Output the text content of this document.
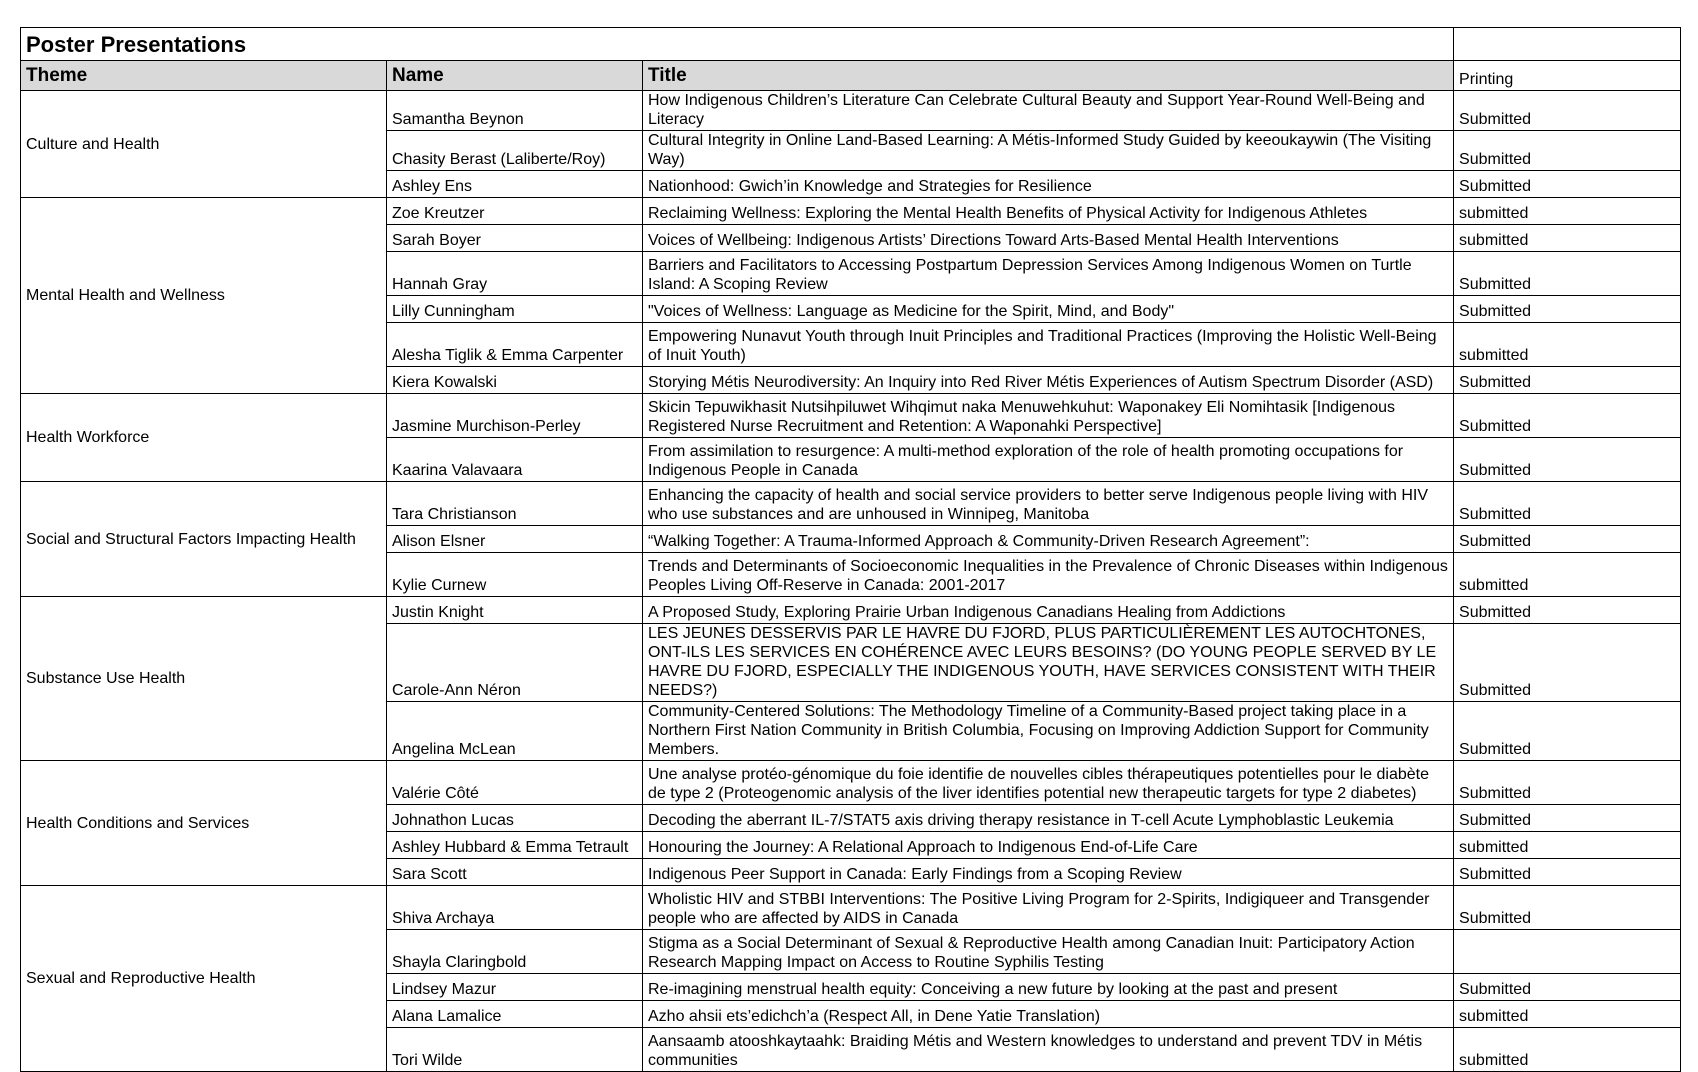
Poster Presentations			
Theme	Name	Title	Printing
Culture and Health	Samantha Beynon	How Indigenous Children’s Literature Can Celebrate Cultural Beauty and Support Year-Round Well-Being and Literacy	Submitted
	Chasity Berast (Laliberte/Roy)	Cultural Integrity in Online Land-Based Learning: A Métis-Informed Study Guided by keeoukaywin (The Visiting Way)	Submitted
	Ashley Ens	Nationhood: Gwich’in Knowledge and Strategies for Resilience	Submitted
Mental Health and Wellness	Zoe Kreutzer	Reclaiming Wellness: Exploring the Mental Health Benefits of Physical Activity for Indigenous Athletes	submitted
	Sarah Boyer	Voices of Wellbeing: Indigenous Artists’ Directions Toward Arts-Based Mental Health Interventions	submitted
	Hannah Gray	Barriers and Facilitators to Accessing Postpartum Depression Services Among Indigenous Women on Turtle Island: A Scoping Review	Submitted
	Lilly Cunningham	"Voices of Wellness: Language as Medicine for the Spirit, Mind, and Body"	Submitted
	Alesha Tiglik & Emma Carpenter	Empowering Nunavut Youth through Inuit Principles and Traditional Practices (Improving the Holistic Well-Being of Inuit Youth)	submitted
	Kiera Kowalski	Storying Métis Neurodiversity: An Inquiry into Red River Métis Experiences of Autism Spectrum Disorder (ASD)	Submitted
Health Workforce	Jasmine Murchison-Perley	Skicin Tepuwikhasit Nutsihpiluwet Wihqimut naka Menuwehkuhut: Waponakey Eli Nomihtasik [Indigenous Registered Nurse Recruitment and Retention: A Waponahki Perspective]	Submitted
	Kaarina Valavaara	From assimilation to resurgence: A multi-method exploration of the role of health promoting occupations for Indigenous People in Canada	Submitted
Social and Structural Factors Impacting Health	Tara Christianson	Enhancing the capacity of health and social service providers to better serve Indigenous people living with HIV who use substances and are unhoused in Winnipeg, Manitoba	Submitted
	Alison Elsner	“Walking Together: A Trauma-Informed Approach & Community-Driven Research Agreement”:	Submitted
	Kylie Curnew	Trends and Determinants of Socioeconomic Inequalities in the Prevalence of Chronic Diseases within Indigenous Peoples Living Off-Reserve in Canada: 2001-2017	submitted
Substance Use Health	Justin Knight	A Proposed Study, Exploring Prairie Urban Indigenous Canadians Healing from Addictions	Submitted
	Carole-Ann Néron	LES JEUNES DESSERVIS PAR LE HAVRE DU FJORD, PLUS PARTICULIÈREMENT LES AUTOCHTONES, ONT-ILS LES SERVICES EN COHÉRENCE AVEC LEURS BESOINS? (DO YOUNG PEOPLE SERVED BY LE HAVRE DU FJORD, ESPECIALLY THE INDIGENOUS YOUTH, HAVE SERVICES CONSISTENT WITH THEIR NEEDS?)	Submitted
	Angelina McLean	Community-Centered Solutions: The Methodology Timeline of a Community-Based project taking place in a Northern First Nation Community in British Columbia, Focusing on Improving Addiction Support for Community Members.	Submitted
Health Conditions and Services	Valérie Côté	Une analyse protéo-génomique du foie identifie de nouvelles cibles thérapeutiques potentielles pour le diabète de type 2 (Proteogenomic analysis of the liver identifies potential new therapeutic targets for type 2 diabetes)	Submitted
	Johnathon Lucas	Decoding the aberrant IL-7/STAT5 axis driving therapy resistance in T-cell Acute Lymphoblastic Leukemia	Submitted
	Ashley Hubbard & Emma Tetrault	Honouring the Journey: A Relational Approach to Indigenous End-of-Life Care	submitted
	Sara Scott	Indigenous Peer Support in Canada: Early Findings from a Scoping Review	Submitted
Sexual and Reproductive Health	Shiva Archaya	Wholistic HIV and STBBI Interventions: The Positive Living Program for 2-Spirits, Indigiqueer and Transgender people who are affected by AIDS in Canada	Submitted
	Shayla Claringbold	Stigma as a Social Determinant of Sexual & Reproductive Health among Canadian Inuit: Participatory Action Research Mapping Impact on Access to Routine Syphilis Testing	
	Lindsey Mazur	Re-imagining menstrual health equity: Conceiving a new future by looking at the past and present	Submitted
	Alana Lamalice	Azho ahsii ets’edichch’a (Respect All, in Dene Yatie Translation)	submitted
	Tori Wilde	Aansaamb atooshkaytaahk: Braiding Métis and Western knowledges to understand and prevent TDV in Métis communities	submitted
